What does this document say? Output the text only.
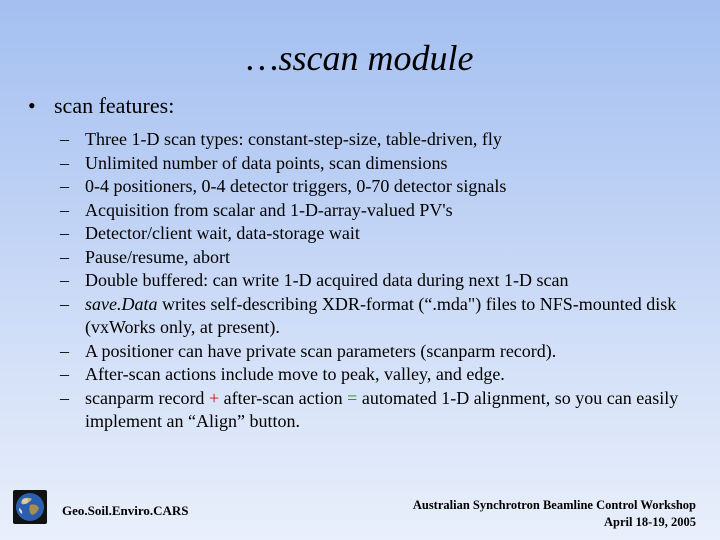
…sscan module
• scan features:
– Three 1-D scan types: constant-step-size, table-driven, fly
– Unlimited number of data points, scan dimensions
– 0-4 positioners, 0-4 detector triggers, 0-70 detector signals
– Acquisition from scalar and 1-D-array-valued PV's
– Detector/client wait, data-storage wait
– Pause/resume, abort
– Double buffered: can write 1-D acquired data during next 1-D scan
– save.Data writes self-describing XDR-format (“.mda") files to NFS-mounted disk (vxWorks only, at present).
– A positioner can have private scan parameters (scanparm record).
– After-scan actions include move to peak, valley, and edge.
– scanparm record + after-scan action = automated 1-D alignment, so you can easily implement an “Align” button.
Geo.Soil.Enviro.CARS	Australian Synchrotron Beamline Control Workshop
April 18-19, 2005
